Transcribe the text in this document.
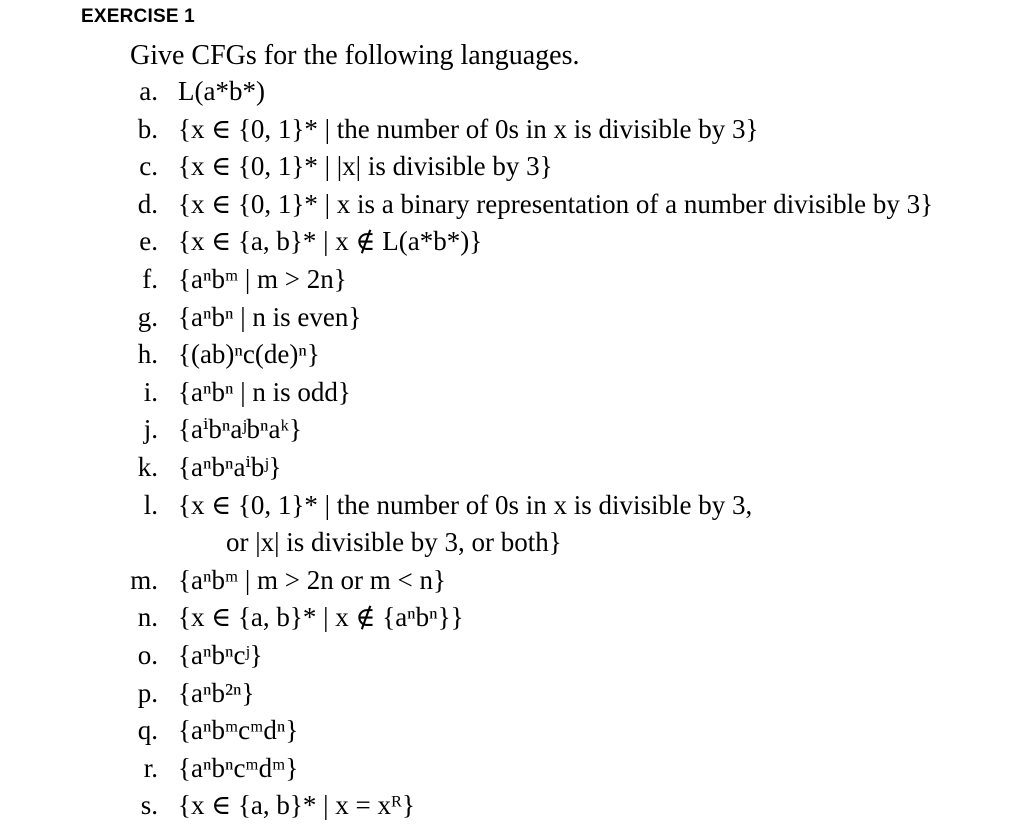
EXERCISE 1
Give CFGs for the following languages.
a. L(a*b*)
b. {x ∈ {0, 1}* | the number of 0s in x is divisible by 3}
c. {x ∈ {0, 1}* | |x| is divisible by 3}
d. {x ∈ {0, 1}* | x is a binary representation of a number divisible by 3}
e. {x ∈ {a, b}* | x ∉ L(a*b*)}
f. {aⁿbᵐ | m > 2n}
g. {aⁿbⁿ | n is even}
h. {(ab)ⁿc(de)ⁿ}
i. {aⁿbⁿ | n is odd}
j. {aⁱbⁿaʲbⁿaᵏ}
k. {aⁿbⁿaⁱbʲ}
l. {x ∈ {0, 1}* | the number of 0s in x is divisible by 3,
or |x| is divisible by 3, or both}
m. {aⁿbᵐ | m > 2n or m < n}
n. {x ∈ {a, b}* | x ∉ {aⁿbⁿ}}
o. {aⁿbⁿcʲ}
p. {aⁿb²ⁿ}
q. {aⁿbᵐcᵐdⁿ}
r. {aⁿbⁿcᵐdᵐ}
s. {x ∈ {a, b}* | x = xᴿ}
